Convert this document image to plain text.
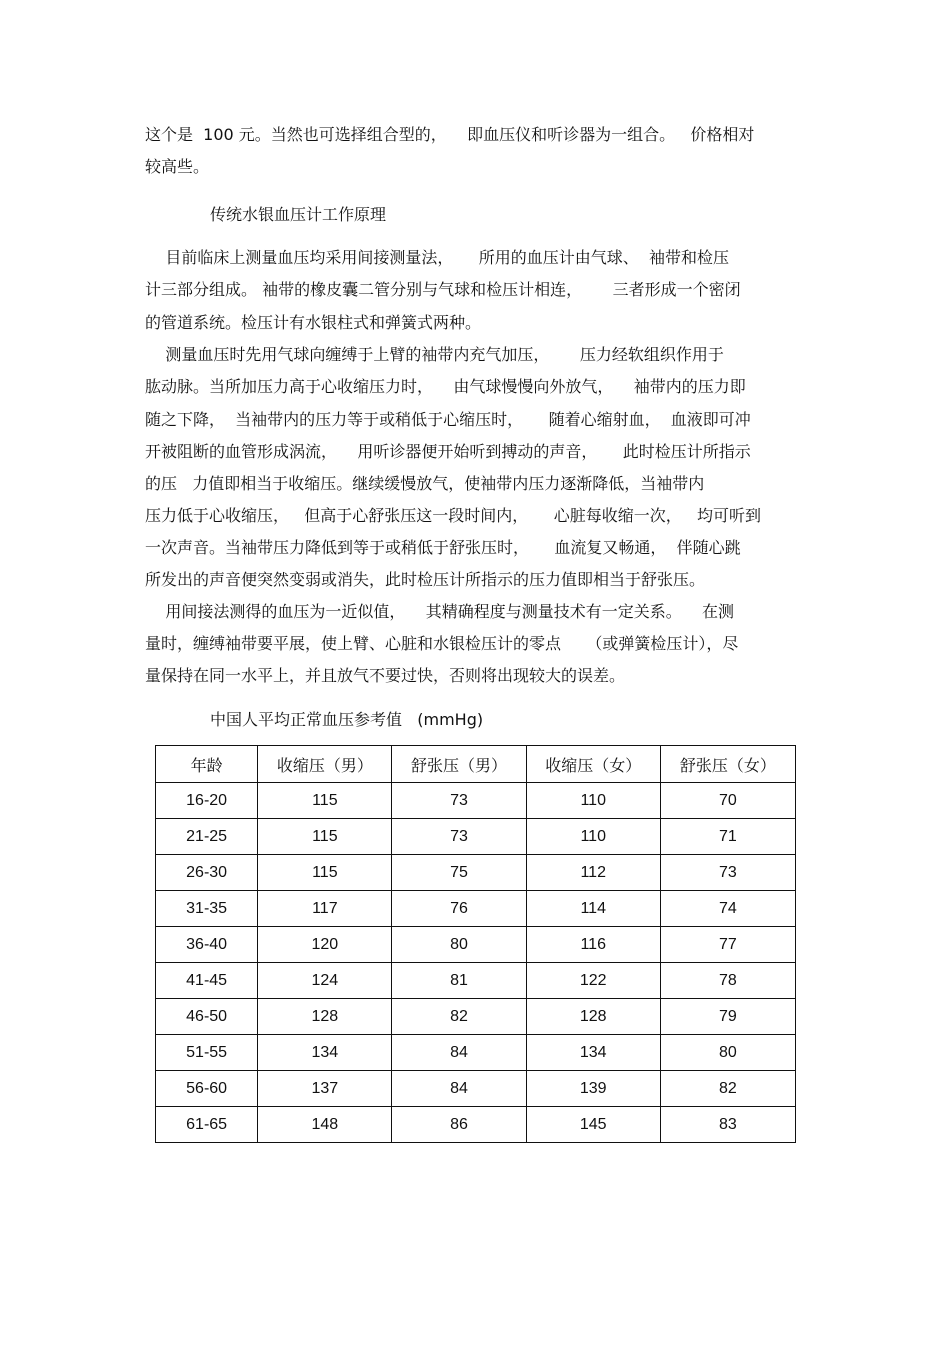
这个是  100 元。当然也可选择组合型的，    即血压仪和听诊器为一组合。   价格相对
较高些。
传统水银血压计工作原理
目前临床上测量血压均采用间接测量法，     所用的血压计由气球、  袖带和检压
计三部分组成。 袖带的橡皮囊二管分别与气球和检压计相连，      三者形成一个密闭
的管道系统。检压计有水银柱式和弹簧式两种。
测量血压时先用气球向缠缚于上臂的袖带内充气加压，      压力经软组织作用于
肱动脉。当所加压力高于心收缩压力时，    由气球慢慢向外放气，    袖带内的压力即
随之下降，  当袖带内的压力等于或稍低于心缩压时，     随着心缩射血，  血液即可冲
开被阻断的血管形成涡流，    用听诊器便开始听到搏动的声音，     此时检压计所指示
的压   力值即相当于收缩压。继续缓慢放气，使袖带内压力逐渐降低，当袖带内
压力低于心收缩压，   但高于心舒张压这一段时间内，     心脏每收缩一次，   均可听到
一次声音。当袖带压力降低到等于或稍低于舒张压时，     血流复又畅通，  伴随心跳
所发出的声音便突然变弱或消失，此时检压计所指示的压力值即相当于舒张压。
用间接法测得的血压为一近似值，    其精确程度与测量技术有一定关系。    在测
量时，缠缚袖带要平展，使上臂、心脏和水银检压计的零点     （或弹簧检压计），尽
量保持在同一水平上，并且放气不要过快，否则将出现较大的误差。
中国人平均正常血压参考值   (mmHg)
年龄	收缩压（男）	舒张压（男）	收缩压（女）	舒张压（女）
16-20	115	73	110	70
21-25	115	73	110	71
26-30	115	75	112	73
31-35	117	76	114	74
36-40	120	80	116	77
41-45	124	81	122	78
46-50	128	82	128	79
51-55	134	84	134	80
56-60	137	84	139	82
61-65	148	86	145	83
